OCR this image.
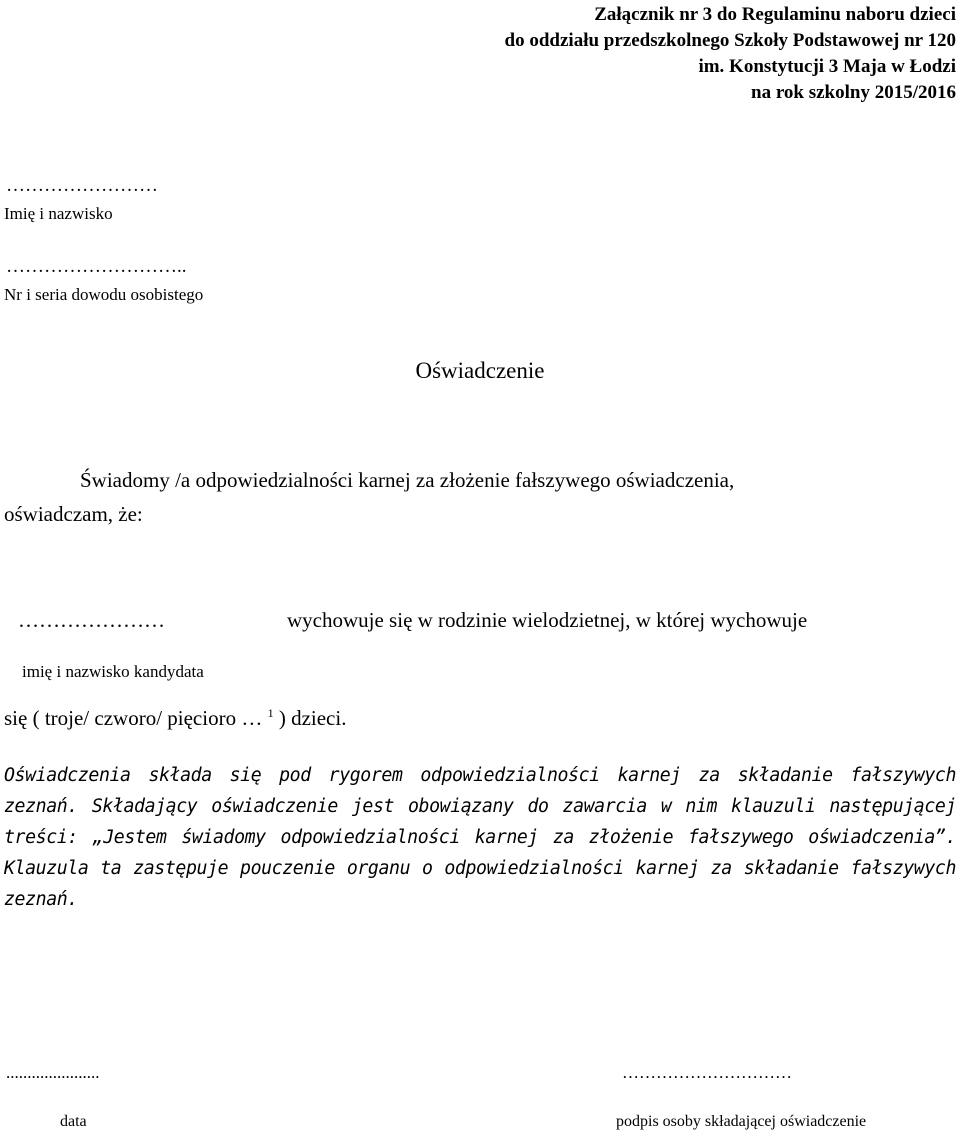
Załącznik nr 3 do Regulaminu naboru dzieci
do oddziału przedszkolnego Szkoły Podstawowej nr 120
im. Konstytucji 3 Maja w Łodzi
na rok szkolny 2015/2016
……………………
Imię i nazwisko
………………………..
Nr i seria dowodu osobistego
Oświadczenie
Świadomy /a odpowiedzialności karnej za złożenie fałszywego oświadczenia,
oświadczam, że:
…………………	wychowuje się w rodzinie wielodzietnej, w której wychowuje
imię i nazwisko kandydata
się ( troje/ czworo/ pięcioro … $^1$ ) dzieci.
Oświadczenia składa się pod rygorem odpowiedzialności karnej za składanie fałszywych zeznań. Składający oświadczenie jest obowiązany do zawarcia w nim klauzuli następującej treści: „Jestem świadomy odpowiedzialności karnej za złożenie fałszywego oświadczenia”. Klauzula ta zastępuje pouczenie organu o odpowiedzialności karnej za składanie fałszywych zeznań.
......................	…………………………
data	podpis osoby składającej oświadczenie
